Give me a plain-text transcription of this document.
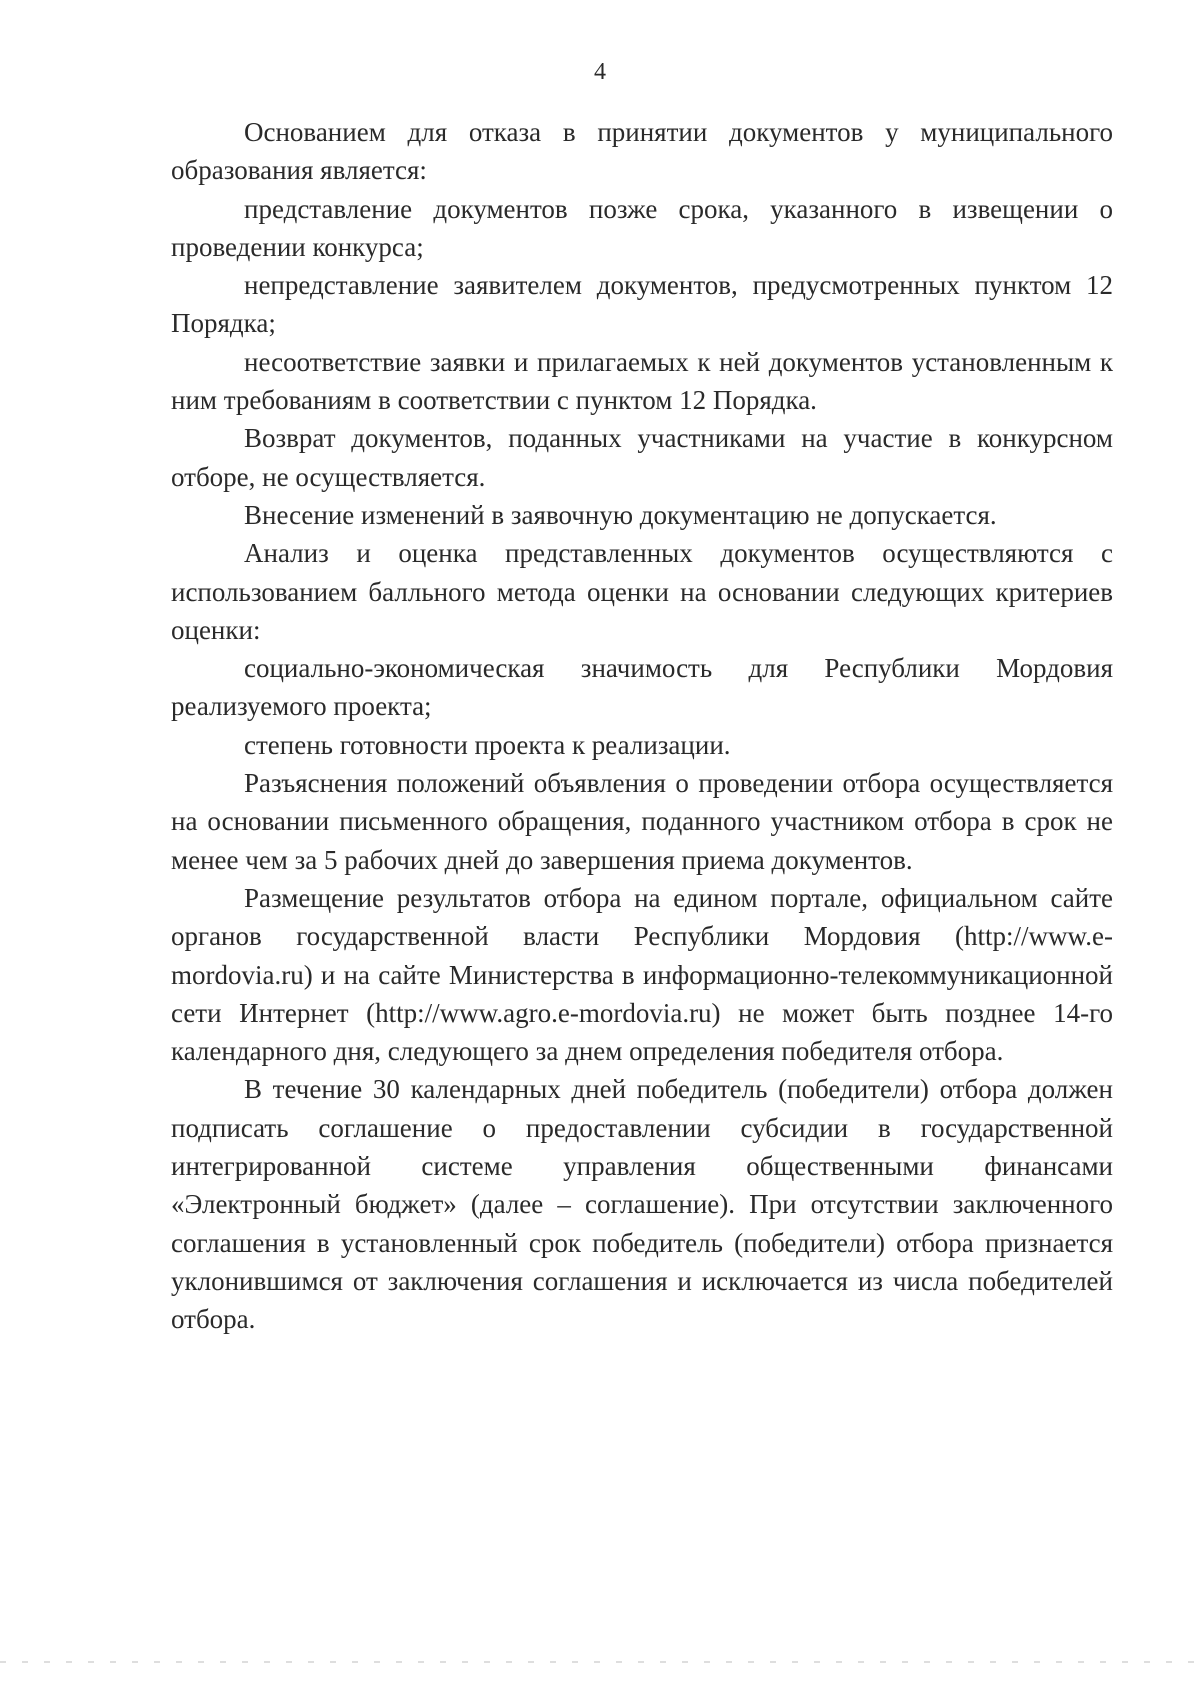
4

Основанием для отказа в принятии документов у муниципального образования является:

представление документов позже срока, указанного в извещении о проведении конкурса;

непредставление заявителем документов, предусмотренных пунктом 12 Порядка;

несоответствие заявки и прилагаемых к ней документов установленным к ним требованиям в соответствии с пунктом 12 Порядка.

Возврат документов, поданных участниками на участие в конкурсном отборе, не осуществляется.

Внесение изменений в заявочную документацию не допускается.

Анализ и оценка представленных документов осуществляются с использованием балльного метода оценки на основании следующих критериев оценки:

социально-экономическая значимость для Республики Мордовия реализуемого проекта;

степень готовности проекта к реализации.

Разъяснения положений объявления о проведении отбора осуществляется на основании письменного обращения, поданного участником отбора в срок не менее чем за 5 рабочих дней до завершения приема документов.

Размещение результатов отбора на едином портале, официальном сайте органов государственной власти Республики Мордовия (http://www.e-mordovia.ru) и на сайте Министерства в информационно-телекоммуникационной сети Интернет (http://www.agro.e-mordovia.ru) не может быть позднее 14-го календарного дня, следующего за днем определения победителя отбора.

В течение 30 календарных дней победитель (победители) отбора должен подписать соглашение о предоставлении субсидии в государственной интегрированной системе управления общественными финансами «Электронный бюджет» (далее – соглашение). При отсутствии заключенного соглашения в установленный срок победитель (победители) отбора признается уклонившимся от заключения соглашения и исключается из числа победителей отбора.
